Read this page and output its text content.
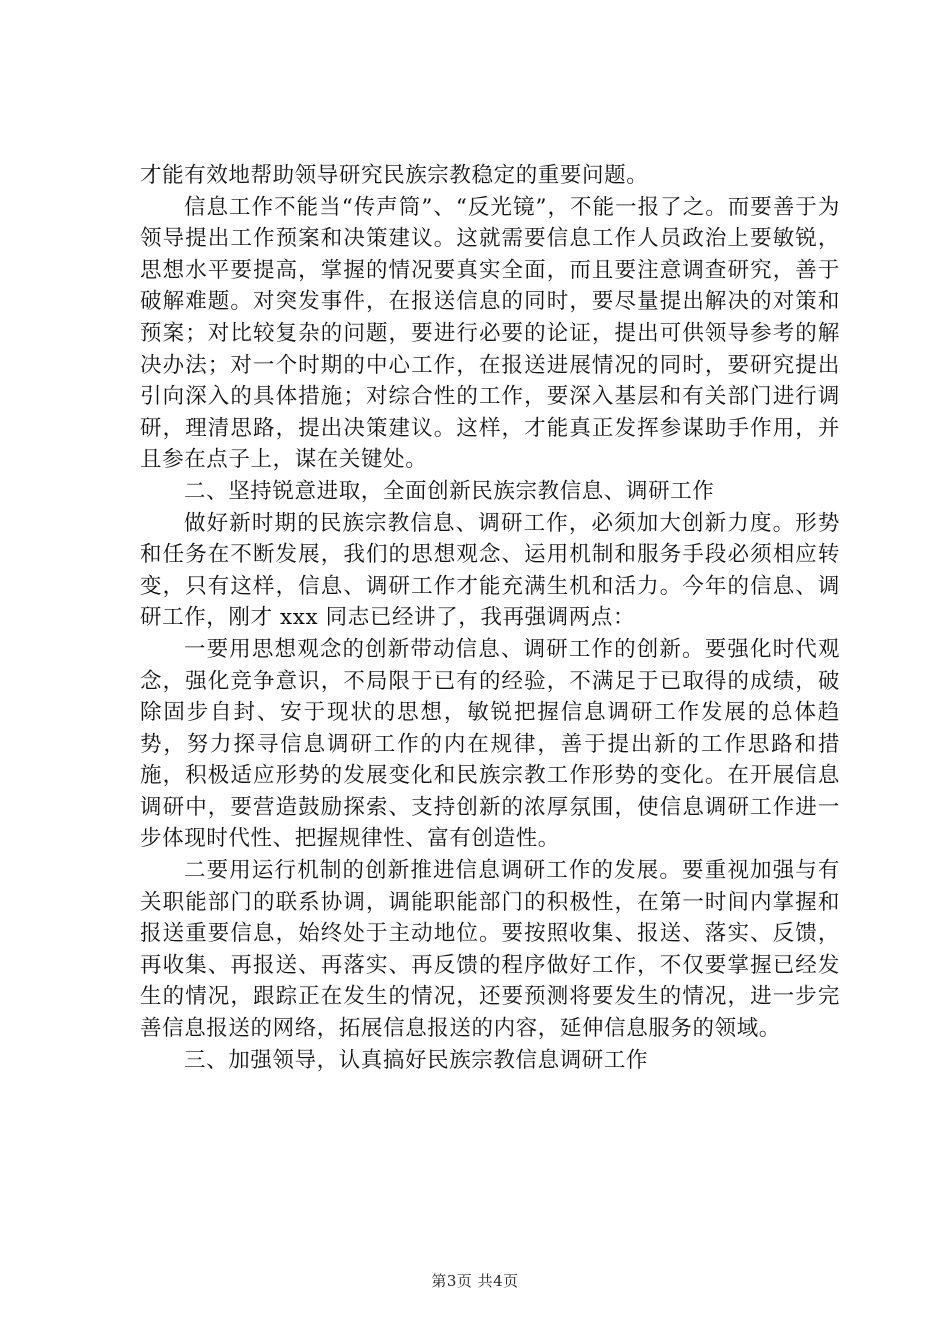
才能有效地帮助领导研究民族宗教稳定的重要问题。

信息工作不能当“传声筒”、“反光镜”，不能一报了之。而要善于为领导提出工作预案和决策建议。这就需要信息工作人员政治上要敏锐，思想水平要提高，掌握的情况要真实全面，而且要注意调查研究，善于破解难题。对突发事件，在报送信息的同时，要尽量提出解决的对策和预案；对比较复杂的问题，要进行必要的论证，提出可供领导参考的解决办法；对一个时期的中心工作，在报送进展情况的同时，要研究提出引向深入的具体措施；对综合性的工作，要深入基层和有关部门进行调研，理清思路，提出决策建议。这样，才能真正发挥参谋助手作用，并且参在点子上，谋在关键处。

二、坚持锐意进取，全面创新民族宗教信息、调研工作

做好新时期的民族宗教信息、调研工作，必须加大创新力度。形势和任务在不断发展，我们的思想观念、运用机制和服务手段必须相应转变，只有这样，信息、调研工作才能充满生机和活力。今年的信息、调研工作，刚才 xxx 同志已经讲了，我再强调两点：

一要用思想观念的创新带动信息、调研工作的创新。要强化时代观念，强化竞争意识，不局限于已有的经验，不满足于已取得的成绩，破除固步自封、安于现状的思想，敏锐把握信息调研工作发展的总体趋势，努力探寻信息调研工作的内在规律，善于提出新的工作思路和措施，积极适应形势的发展变化和民族宗教工作形势的变化。在开展信息调研中，要营造鼓励探索、支持创新的浓厚氛围，使信息调研工作进一步体现时代性、把握规律性、富有创造性。

二要用运行机制的创新推进信息调研工作的发展。要重视加强与有关职能部门的联系协调，调能职能部门的积极性，在第一时间内掌握和报送重要信息，始终处于主动地位。要按照收集、报送、落实、反馈，再收集、再报送、再落实、再反馈的程序做好工作，不仅要掌握已经发生的情况，跟踪正在发生的情况，还要预测将要发生的情况，进一步完善信息报送的网络，拓展信息报送的内容，延伸信息服务的领域。

三、加强领导，认真搞好民族宗教信息调研工作

第3页 共4页
